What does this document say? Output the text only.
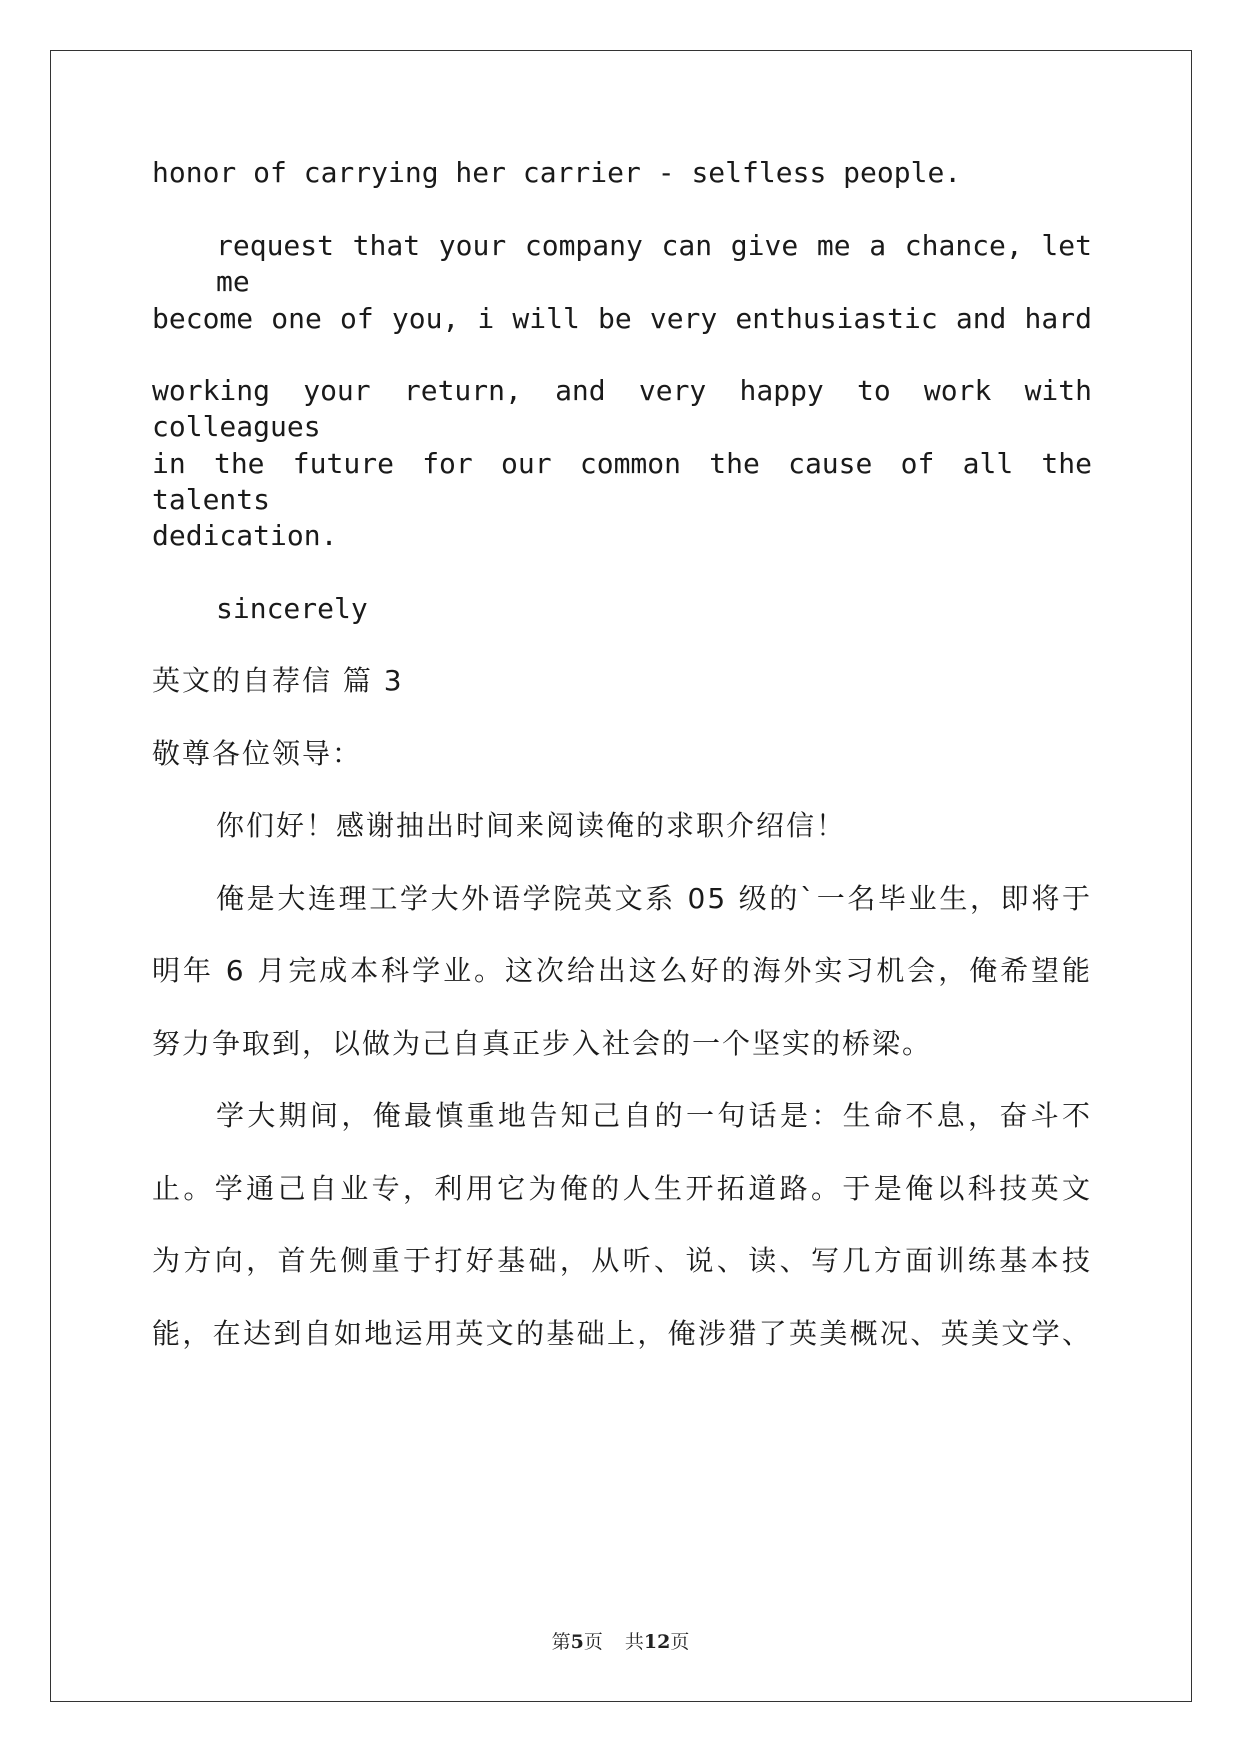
honor of carrying her carrier - selfless people.
request that your company can give me a chance, let me
become one of you, i will be very enthusiastic and hard
working your return, and very happy to work with colleagues
in the future for our common the cause of all the talents
dedication.
sincerely
英文的自荐信 篇 3
敬尊各位领导：
你们好！感谢抽出时间来阅读俺的求职介绍信！
俺是大连理工学大外语学院英文系 05 级的`一名毕业生，即将于
明年 6 月完成本科学业。这次给出这么好的海外实习机会，俺希望能
努力争取到，以做为己自真正步入社会的一个坚实的桥梁。
学大期间，俺最慎重地告知己自的一句话是：生命不息，奋斗不
止。学通己自业专，利用它为俺的人生开拓道路。于是俺以科技英文
为方向，首先侧重于打好基础，从听、说、读、写几方面训练基本技
能，在达到自如地运用英文的基础上，俺涉猎了英美概况、英美文学、
第5页 共12页
